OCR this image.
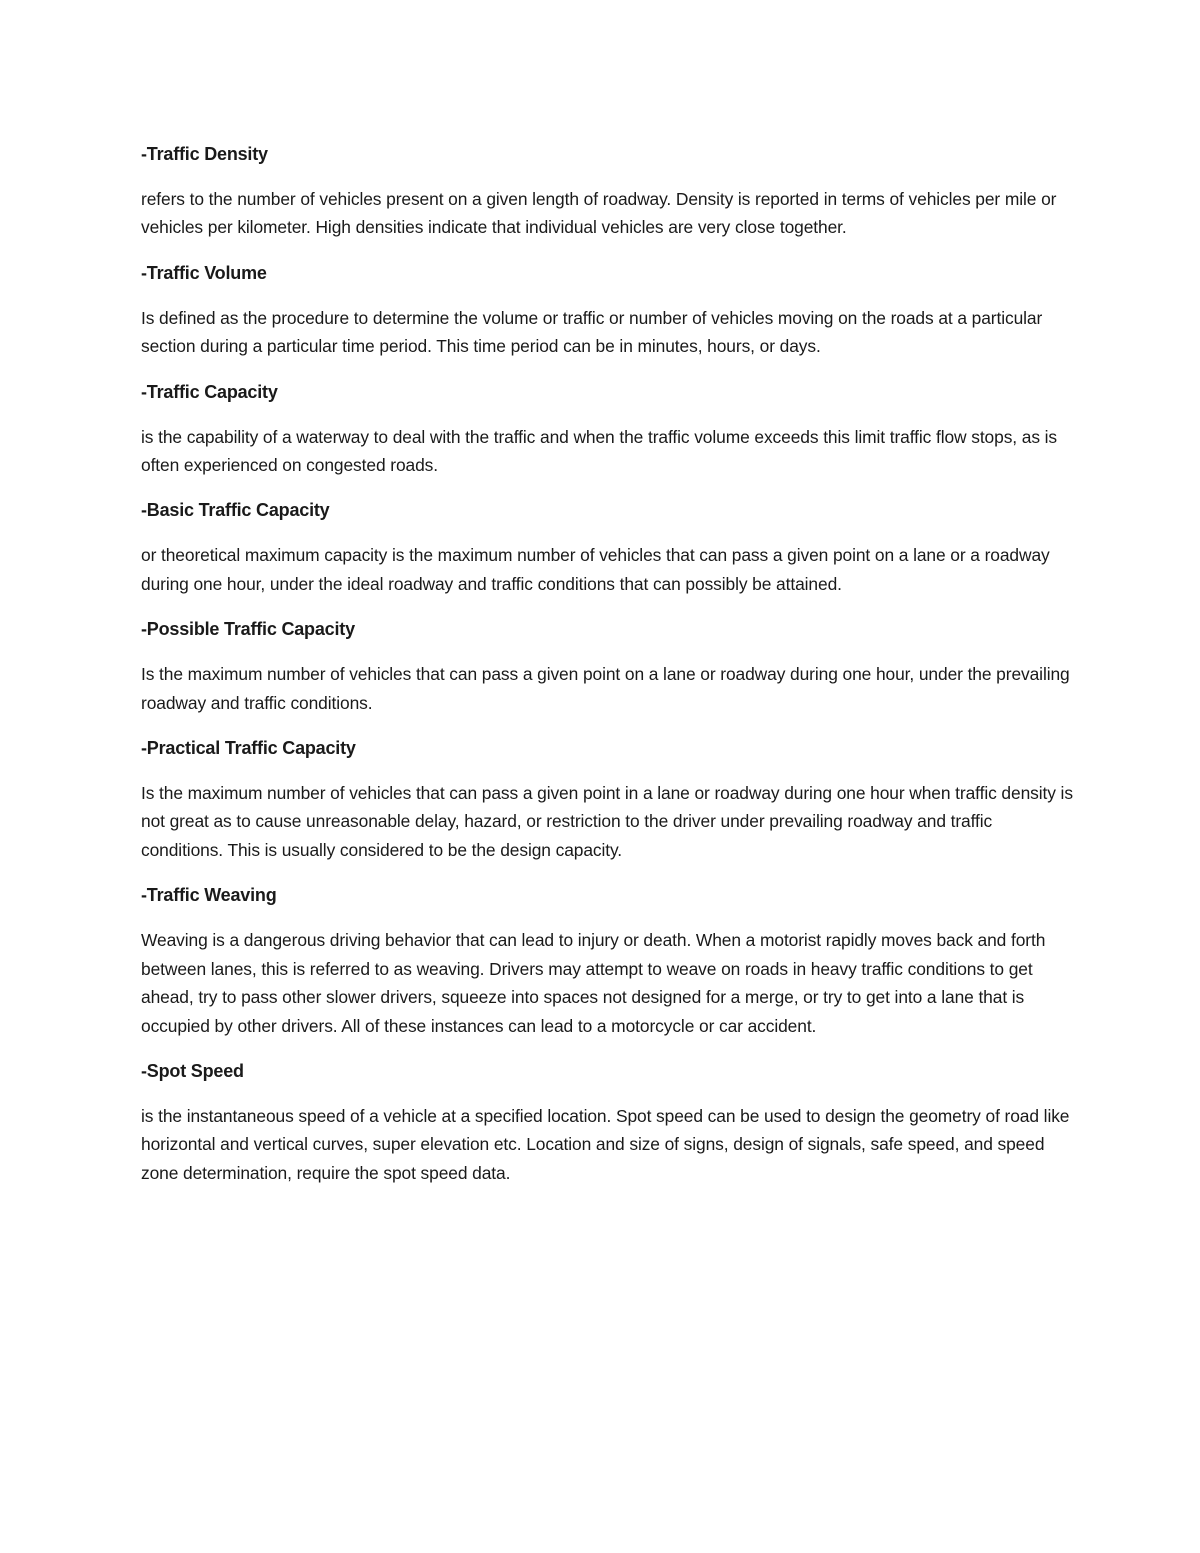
-Traffic Density

refers to the number of vehicles present on a given length of roadway. Density is reported in terms of vehicles per mile or vehicles per kilometer. High densities indicate that individual vehicles are very close together.

-Traffic Volume

Is defined as the procedure to determine the volume or traffic or number of vehicles moving on the roads at a particular section during a particular time period. This time period can be in minutes, hours, or days.

-Traffic Capacity

is the capability of a waterway to deal with the traffic and when the traffic volume exceeds this limit traffic flow stops, as is often experienced on congested roads.

-Basic Traffic Capacity

or theoretical maximum capacity is the maximum number of vehicles that can pass a given point on a lane or a roadway during one hour, under the ideal roadway and traffic conditions that can possibly be attained.

-Possible Traffic Capacity

Is the maximum number of vehicles that can pass a given point on a lane or roadway during one hour, under the prevailing roadway and traffic conditions.

-Practical Traffic Capacity

Is the maximum number of vehicles that can pass a given point in a lane or roadway during one hour when traffic density is not great as to cause unreasonable delay, hazard, or restriction to the driver under prevailing roadway and traffic conditions. This is usually considered to be the design capacity.

-Traffic Weaving

Weaving is a dangerous driving behavior that can lead to injury or death. When a motorist rapidly moves back and forth between lanes, this is referred to as weaving. Drivers may attempt to weave on roads in heavy traffic conditions to get ahead, try to pass other slower drivers, squeeze into spaces not designed for a merge, or try to get into a lane that is occupied by other drivers. All of these instances can lead to a motorcycle or car accident.

-Spot Speed

is the instantaneous speed of a vehicle at a specified location. Spot speed can be used to design the geometry of road like horizontal and vertical curves, super elevation etc. Location and size of signs, design of signals, safe speed, and speed zone determination, require the spot speed data.
